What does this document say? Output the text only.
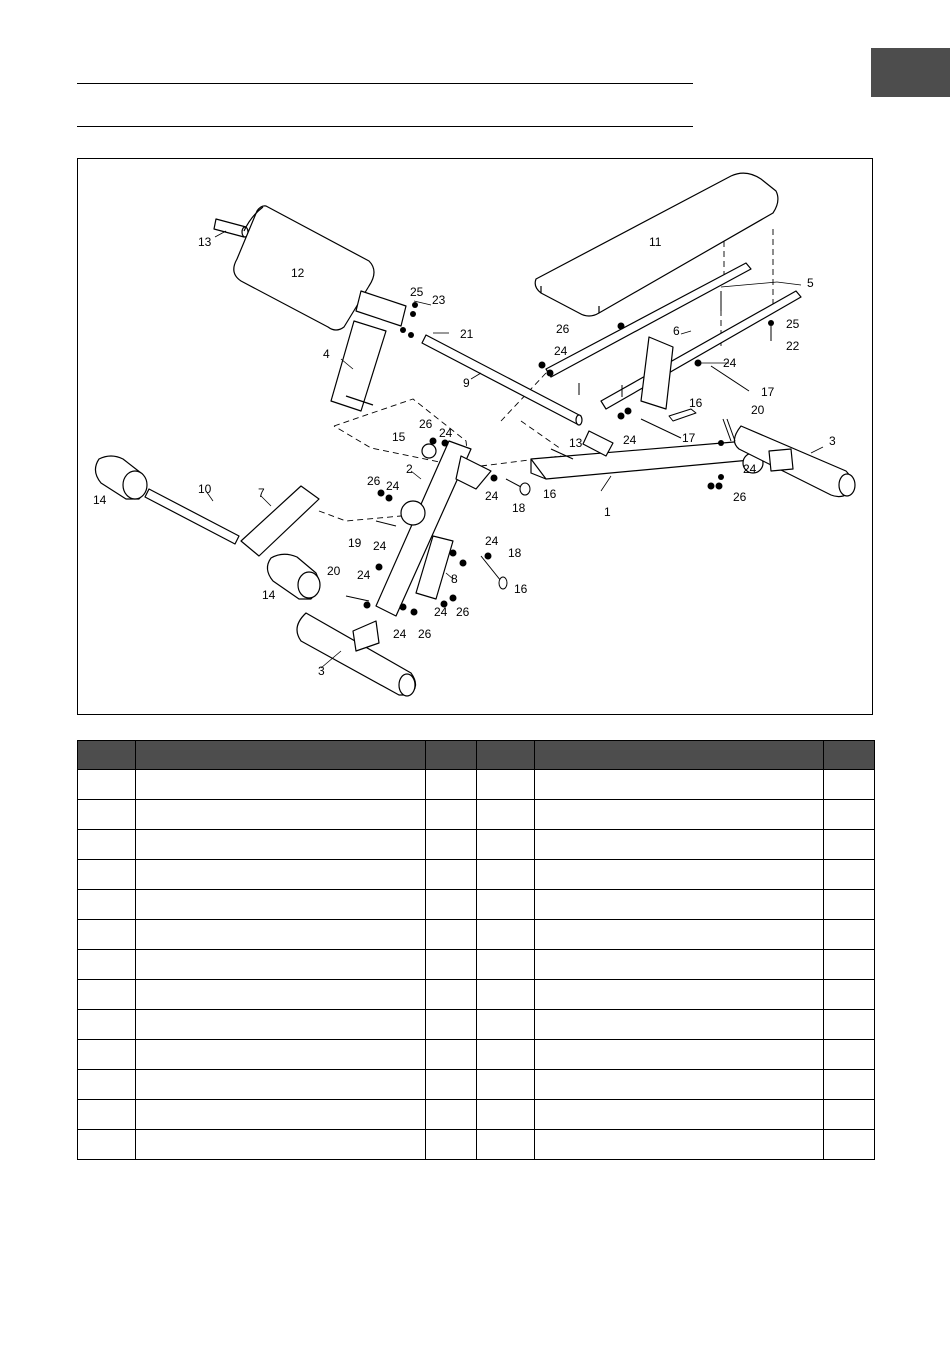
13
12
25
23
21
4
9
11
5
25
22
26
24
6
24
17
16	20
24	17	3
13
26
24
15
2
26 24
24	16
18	1
24
26
14
10	7
19 24	24
18
20 24	8
16
14
24 26
24 26
3
